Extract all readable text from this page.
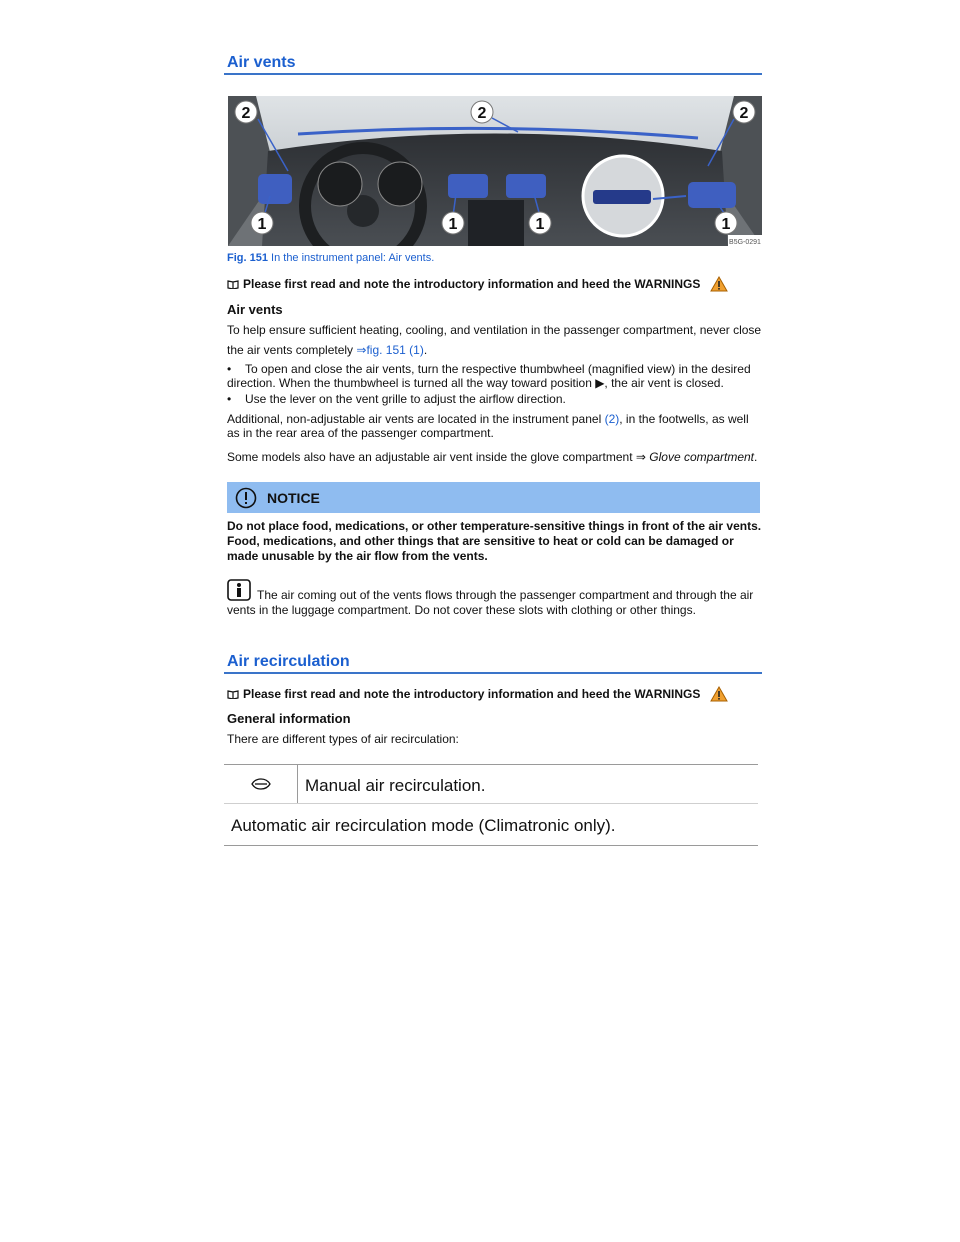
Air vents
2	2	2
1	1	1	1
B5G-0291
Fig. 151 In the instrument panel: Air vents.
Please first read and note the introductory information and heed the WARNINGS
Air vents
To help ensure sufficient heating, cooling, and ventilation in the passenger compartment, never close
the air vents completely ⇒fig. 151 (1).
• To open and close the air vents, turn the respective thumbwheel (magnified view) in the desired direction. When the thumbwheel is turned all the way toward position ▶, the air vent is closed.
• Use the lever on the vent grille to adjust the airflow direction.
Additional, non-adjustable air vents are located in the instrument panel (2), in the footwells, as well as in the rear area of the passenger compartment.
Some models also have an adjustable air vent inside the glove compartment ⇒ Glove compartment.
NOTICE
Do not place food, medications, or other temperature-sensitive things in front of the air vents. Food, medications, and other things that are sensitive to heat or cold can be damaged or made unusable by the air flow from the vents.
The air coming out of the vents flows through the passenger compartment and through the air vents in the luggage compartment. Do not cover these slots with clothing or other things.
Air recirculation
Please first read and note the introductory information and heed the WARNINGS
General information
There are different types of air recirculation:
Manual air recirculation.
Automatic air recirculation mode (Climatronic only).
